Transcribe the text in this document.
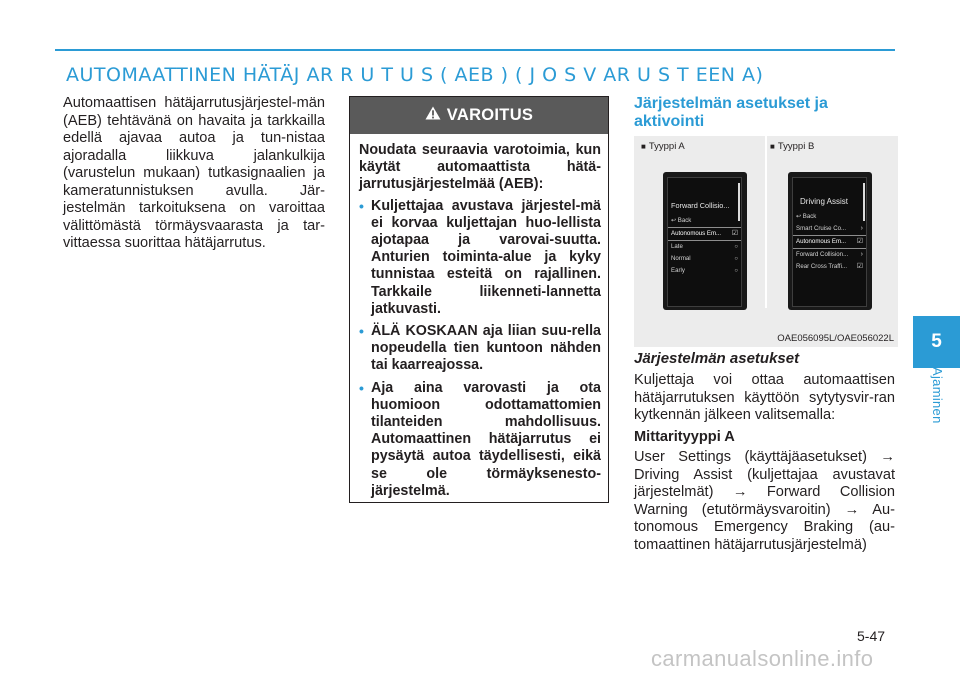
AUTOMAATTINEN HÄTÄJ AR R U T U S ( AEB ) ( J O S V AR U S T EEN A)

Automaattisen hätäjarrutusjärjestel-män (AEB) tehtävänä on havaita ja tarkkailla edellä ajavaa autoa ja tun-nistaa ajoradalla liikkuva jalankulkija (varustelun mukaan) tutkasignaalien ja kameratunnistuksen avulla. Jär-jestelmän tarkoituksena on varoittaa välittömästä törmäysvaarasta ja tar-vittaessa suorittaa hätäjarrutus.

VAROITUS

Noudata seuraavia varotoimia, kun käytät automaattista hätä-jarrutusjärjestelmää (AEB):

• Kuljettajaa avustava järjestel-mä ei korvaa kuljettajan huo-lellista ajotapaa ja varovai-suutta. Anturien toiminta-alue ja kyky tunnistaa esteitä on rajallinen. Tarkkaile liikenneti-lannetta jatkuvasti.
• ÄLÄ KOSKAAN aja liian suu-rella nopeudella tien kuntoon nähden tai kaarreajossa.
• Aja aina varovasti ja ota huomioon odottamattomien tilanteiden mahdollisuus. Automaattinen hätäjarrutus ei pysäytä autoa täydellisesti, eikä se ole törmäyksenesto-järjestelmä.
Järjestelmän asetukset ja aktivointi
■ Tyyppi A	■ Tyyppi B
Forward Collisio...
↩ Back
Autonomous Em... ☑
Late	○
Normal	○
Early	○
Driving Assist
↩ Back
Smart Cruise Co... ›
Autonomous Em... ☑
Forward Collision... ›
Rear Cross Traffi... ☑
OAE056095L/OAE056022L
Järjestelmän asetukset

Kuljettaja voi ottaa automaattisen hätäjarrutuksen käyttöön sytytysvir-ran kytkennän jälkeen valitsemalla:

Mittarityyppi A

User Settings (käyttäjäasetukset) → Driving Assist (kuljettajaa avustavat järjestelmät) → Forward Collision Warning (etutörmäysvaroitin) → Au-tonomous Emergency Braking (au-tomaattinen hätäjarrutusjärjestelmä)

5
Ajaminen
5-47
carmanualsonline.info
